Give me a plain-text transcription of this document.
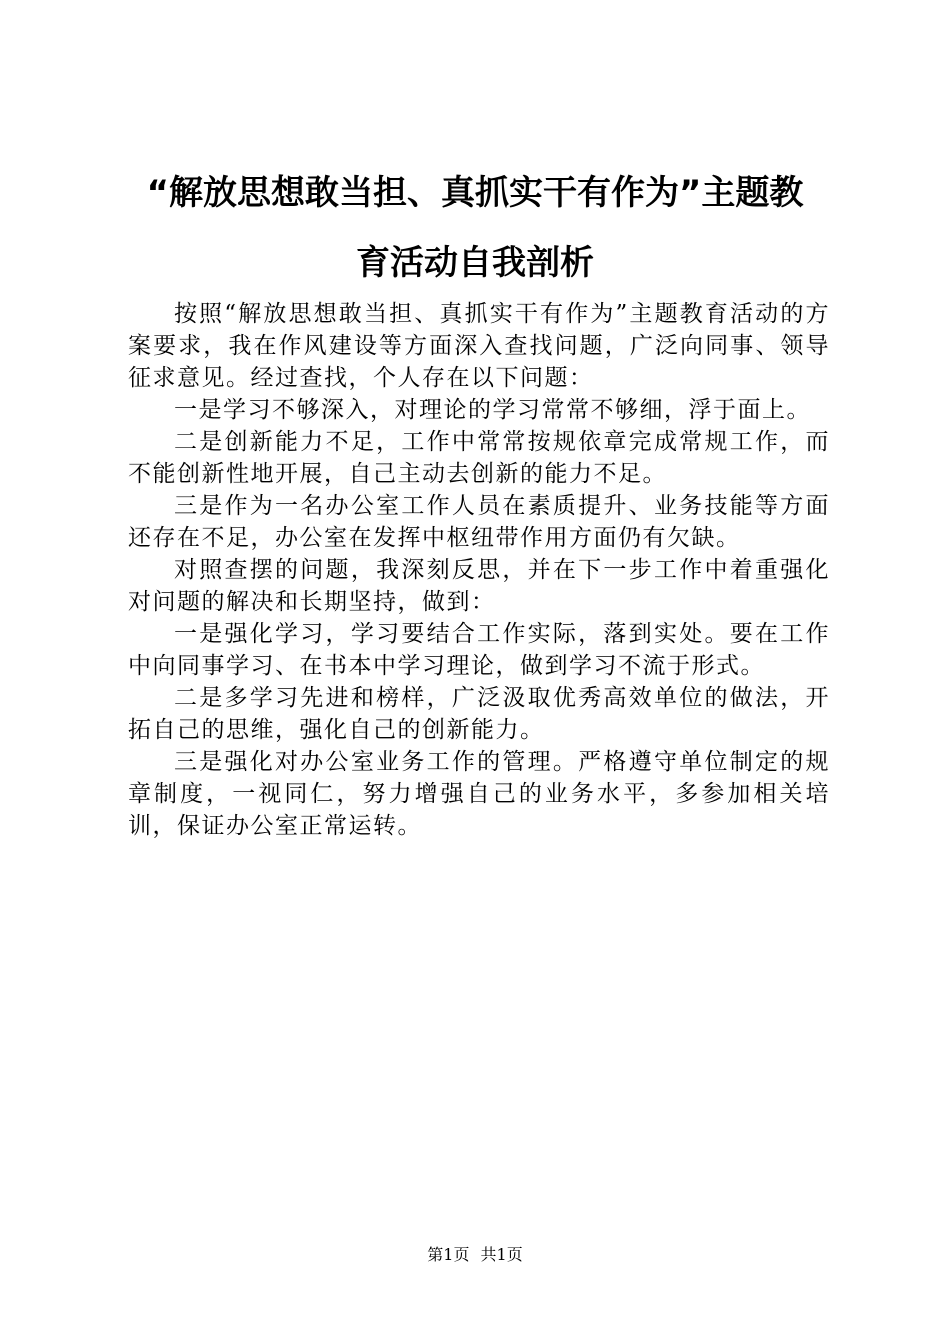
“解放思想敢当担、真抓实干有作为”主题教
育活动自我剖析

按照“解放思想敢当担、真抓实干有作为”主题教育活动的方案要求，我在作风建设等方面深入查找问题，广泛向同事、领导征求意见。经过查找，个人存在以下问题：

一是学习不够深入，对理论的学习常常不够细，浮于面上。

二是创新能力不足，工作中常常按规依章完成常规工作，而不能创新性地开展，自己主动去创新的能力不足。

三是作为一名办公室工作人员在素质提升、业务技能等方面还存在不足，办公室在发挥中枢纽带作用方面仍有欠缺。

对照查摆的问题，我深刻反思，并在下一步工作中着重强化对问题的解决和长期坚持，做到：

一是强化学习，学习要结合工作实际，落到实处。要在工作中向同事学习、在书本中学习理论，做到学习不流于形式。

二是多学习先进和榜样，广泛汲取优秀高效单位的做法，开拓自己的思维，强化自己的创新能力。

三是强化对办公室业务工作的管理。严格遵守单位制定的规章制度，一视同仁，努力增强自己的业务水平，多参加相关培训，保证办公室正常运转。

第1页 共1页
